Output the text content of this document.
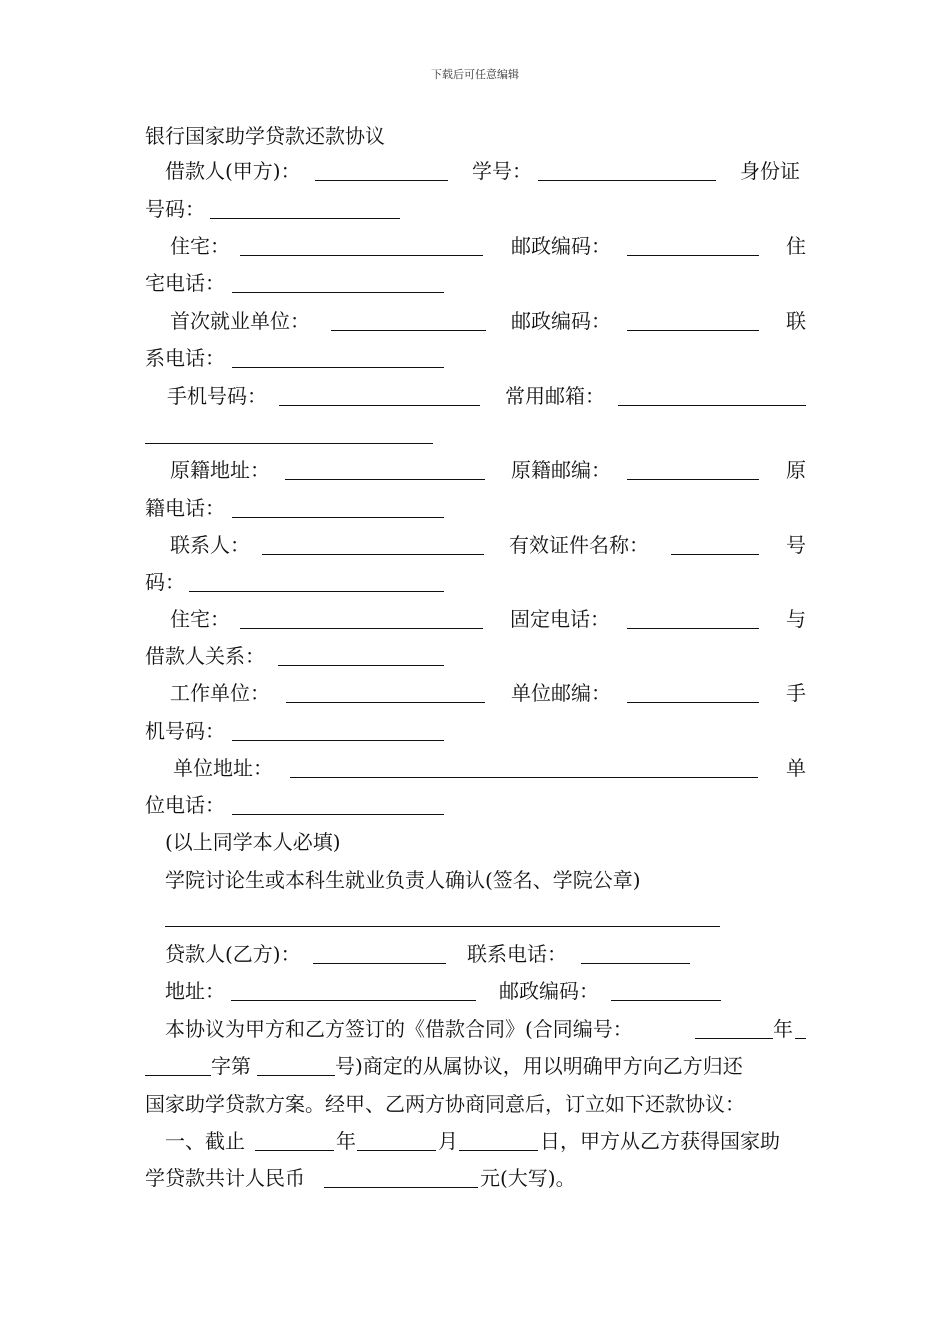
下载后可任意编辑
银行国家助学贷款还款协议
借款人(甲方)：	学号：	身份证
号码：
住宅：	邮政编码：	住
宅电话：
首次就业单位：	邮政编码：	联
系电话：
手机号码：	常用邮箱：
原籍地址：	原籍邮编：	原
籍电话：
联系人：	有效证件名称：	号
码：
住宅：	固定电话：	与
借款人关系：
工作单位：	单位邮编：	手
机号码：
单位地址：	单
位电话：
(以上同学本人必填)
学院讨论生或本科生就业负责人确认(签名、学院公章)
贷款人(乙方)：	联系电话：
地址：	邮政编码：
本协议为甲方和乙方签订的《借款合同》(合同编号：	年
字第	号)商定的从属协议，用以明确甲方向乙方归还
国家助学贷款方案。经甲、乙两方协商同意后，订立如下还款协议：
一、截止	年	月	日，甲方从乙方获得国家助
学贷款共计人民币	元(大写)。
